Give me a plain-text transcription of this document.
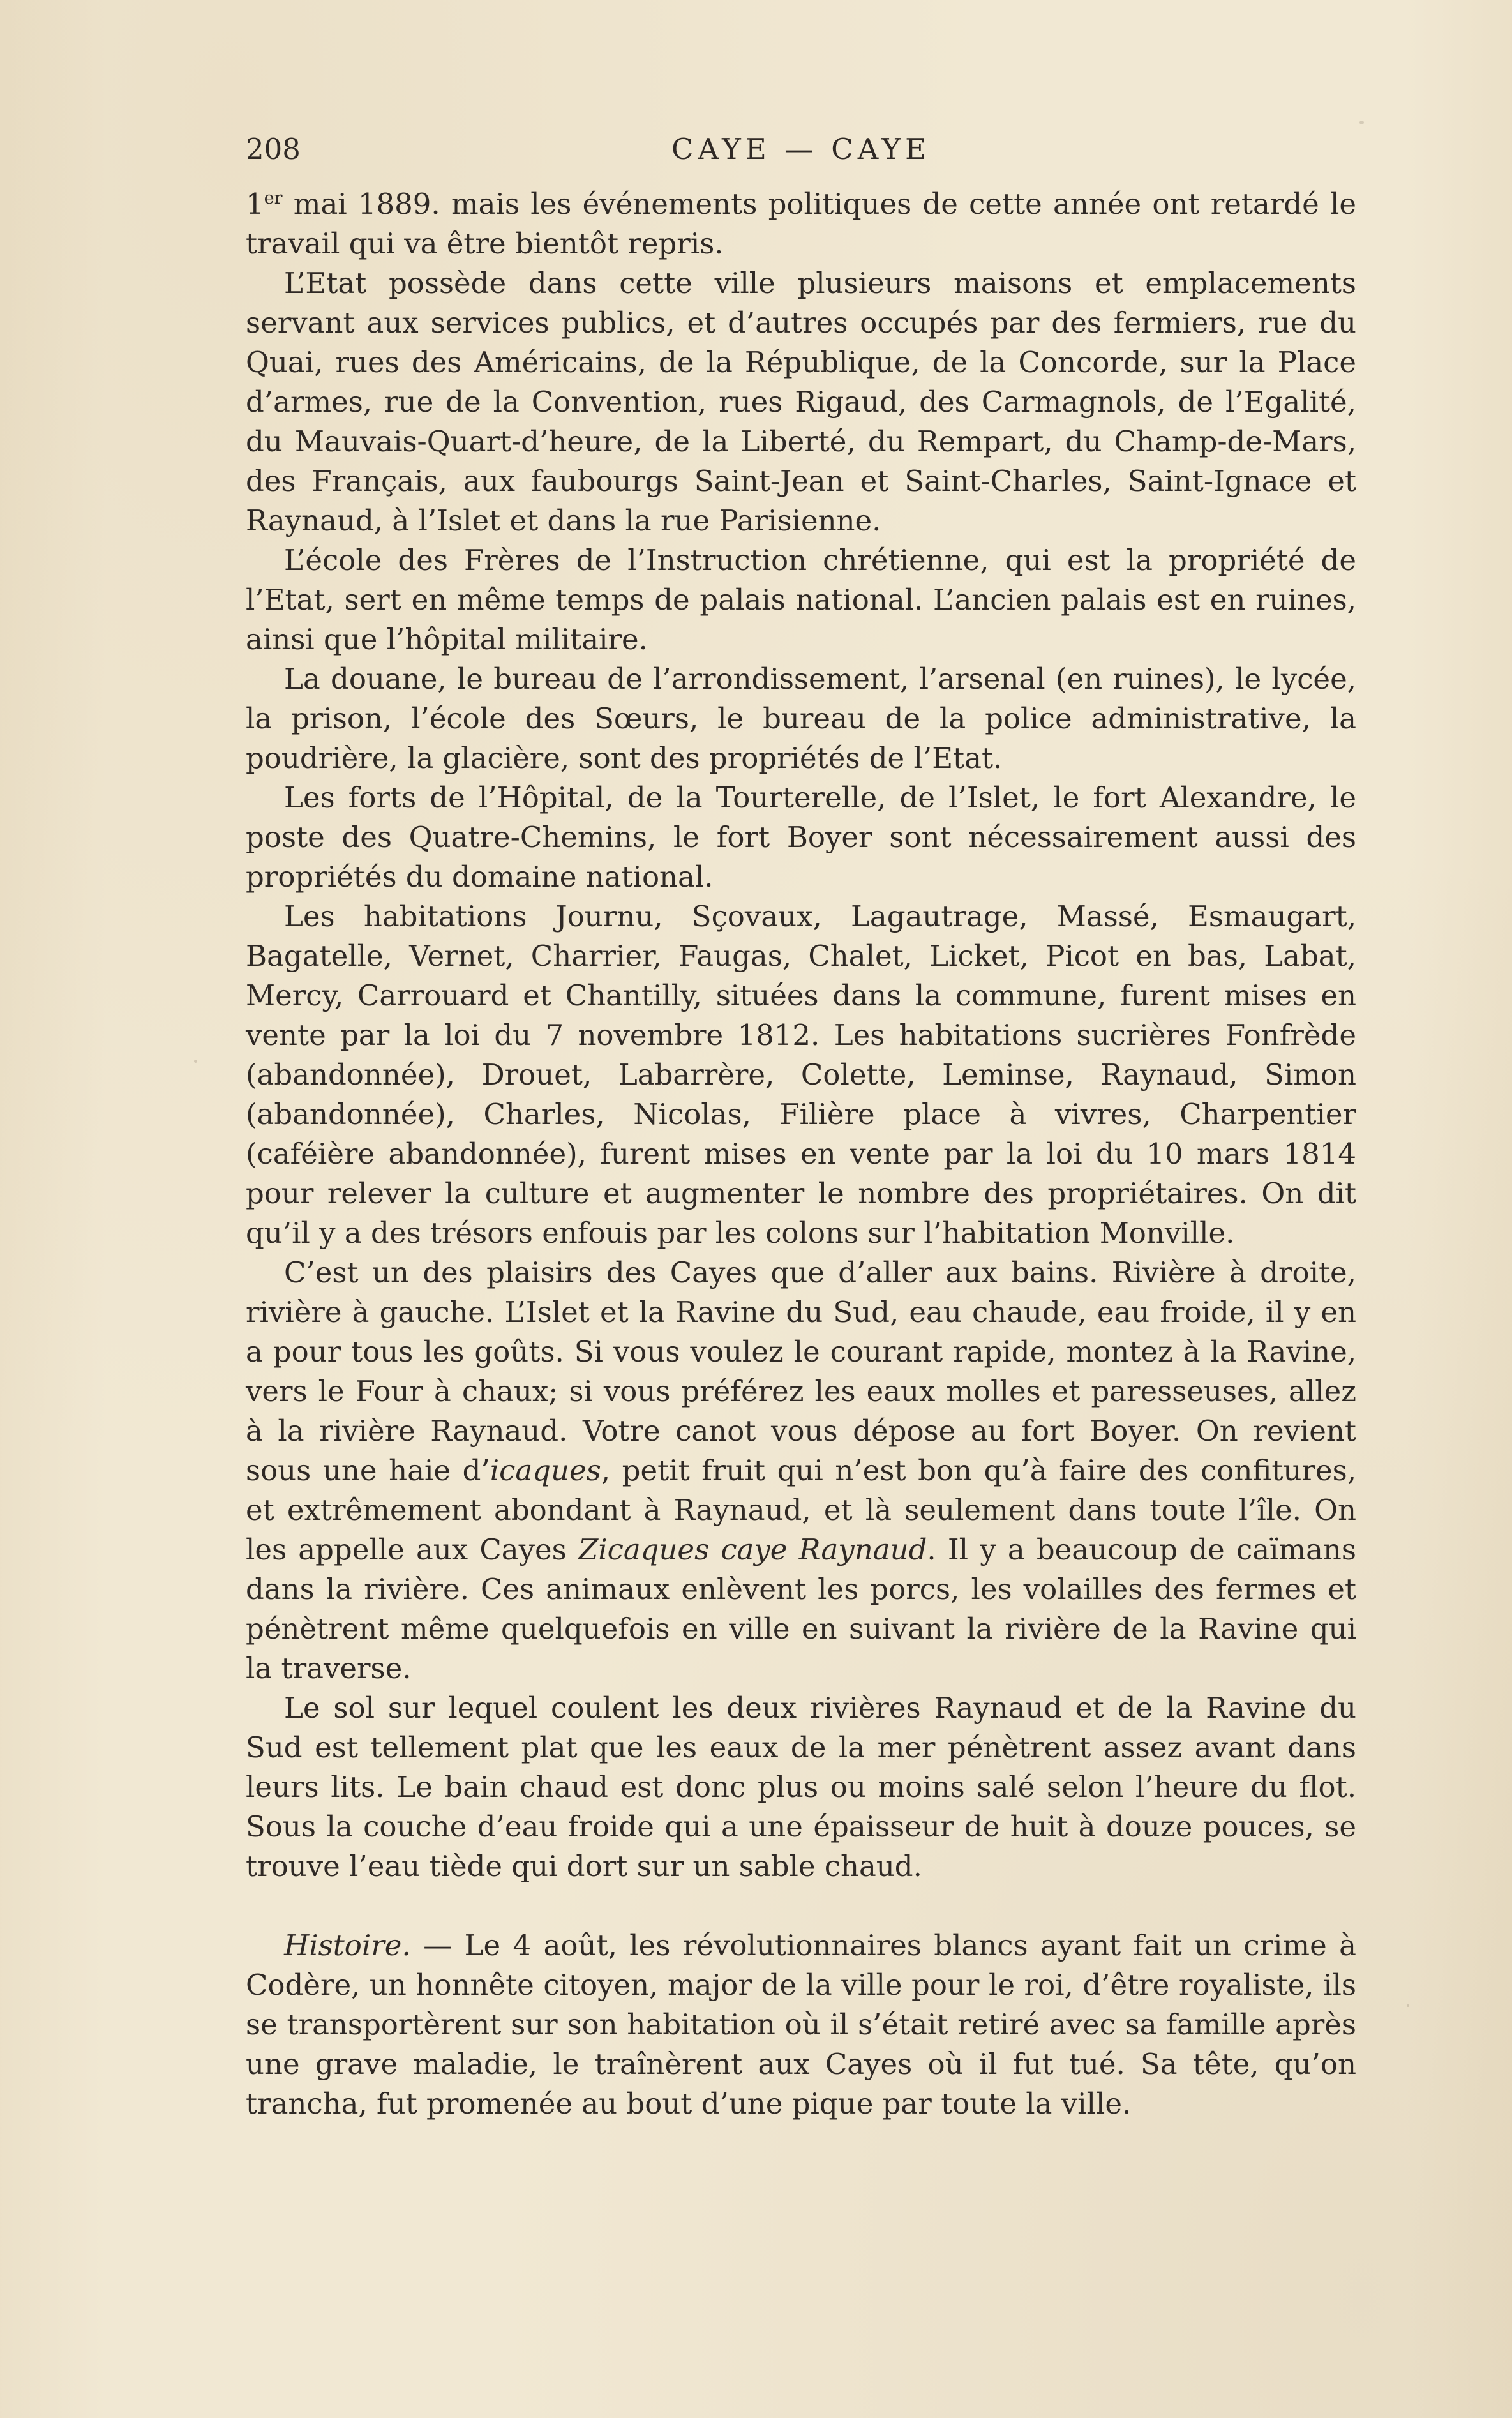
208	CAYE — CAYE

1er mai 1889. mais les événements politiques de cette année ont retardé le travail qui va être bientôt repris.

L’Etat possède dans cette ville plusieurs maisons et emplacements servant aux services publics, et d’autres occupés par des fermiers, rue du Quai, rues des Américains, de la République, de la Concorde, sur la Place d’armes, rue de la Convention, rues Rigaud, des Carmagnols, de l’Egalité, du Mauvais-Quart-d’heure, de la Liberté, du Rempart, du Champ-de-Mars, des Français, aux faubourgs Saint-Jean et Saint-Charles, Saint-Ignace et Raynaud, à l’Islet et dans la rue Parisienne.

L’école des Frères de l’Instruction chrétienne, qui est la propriété de l’Etat, sert en même temps de palais national. L’ancien palais est en ruines, ainsi que l’hôpital militaire.

La douane, le bureau de l’arrondissement, l’arsenal (en ruines), le lycée, la prison, l’école des Sœurs, le bureau de la police administrative, la poudrière, la glacière, sont des propriétés de l’Etat.

Les forts de l’Hôpital, de la Tourterelle, de l’Islet, le fort Alexandre, le poste des Quatre-Chemins, le fort Boyer sont nécessairement aussi des propriétés du domaine national.

Les habitations Journu, Sçovaux, Lagautrage, Massé, Esmaugart, Bagatelle, Vernet, Charrier, Faugas, Chalet, Licket, Picot en bas, Labat, Mercy, Carrouard et Chantilly, situées dans la commune, furent mises en vente par la loi du 7 novembre 1812. Les habitations sucrières Fonfrède (abandonnée), Drouet, Labarrère, Colette, Leminse, Raynaud, Simon (abandonnée), Charles, Nicolas, Filière place à vivres, Charpentier (caféière abandonnée), furent mises en vente par la loi du 10 mars 1814 pour relever la culture et augmenter le nombre des propriétaires. On dit qu’il y a des trésors enfouis par les colons sur l’habitation Monville.

C’est un des plaisirs des Cayes que d’aller aux bains. Rivière à droite, rivière à gauche. L’Islet et la Ravine du Sud, eau chaude, eau froide, il y en a pour tous les goûts. Si vous voulez le courant rapide, montez à la Ravine, vers le Four à chaux; si vous préférez les eaux molles et paresseuses, allez à la rivière Raynaud. Votre canot vous dépose au fort Boyer. On revient sous une haie d’icaques, petit fruit qui n’est bon qu’à faire des confitures, et extrêmement abondant à Raynaud, et là seulement dans toute l’île. On les appelle aux Cayes Zicaques caye Raynaud. Il y a beaucoup de caïmans dans la rivière. Ces animaux enlèvent les porcs, les volailles des fermes et pénètrent même quelquefois en ville en suivant la rivière de la Ravine qui la traverse.

Le sol sur lequel coulent les deux rivières Raynaud et de la Ravine du Sud est tellement plat que les eaux de la mer pénètrent assez avant dans leurs lits. Le bain chaud est donc plus ou moins salé selon l’heure du flot. Sous la couche d’eau froide qui a une épaisseur de huit à douze pouces, se trouve l’eau tiède qui dort sur un sable chaud.

Histoire. — Le 4 août, les révolutionnaires blancs ayant fait un crime à Codère, un honnête citoyen, major de la ville pour le roi, d’être royaliste, ils se transportèrent sur son habitation où il s’était retiré avec sa famille après une grave maladie, le traînèrent aux Cayes où il fut tué. Sa tête, qu’on trancha, fut promenée au bout d’une pique par toute la ville.
